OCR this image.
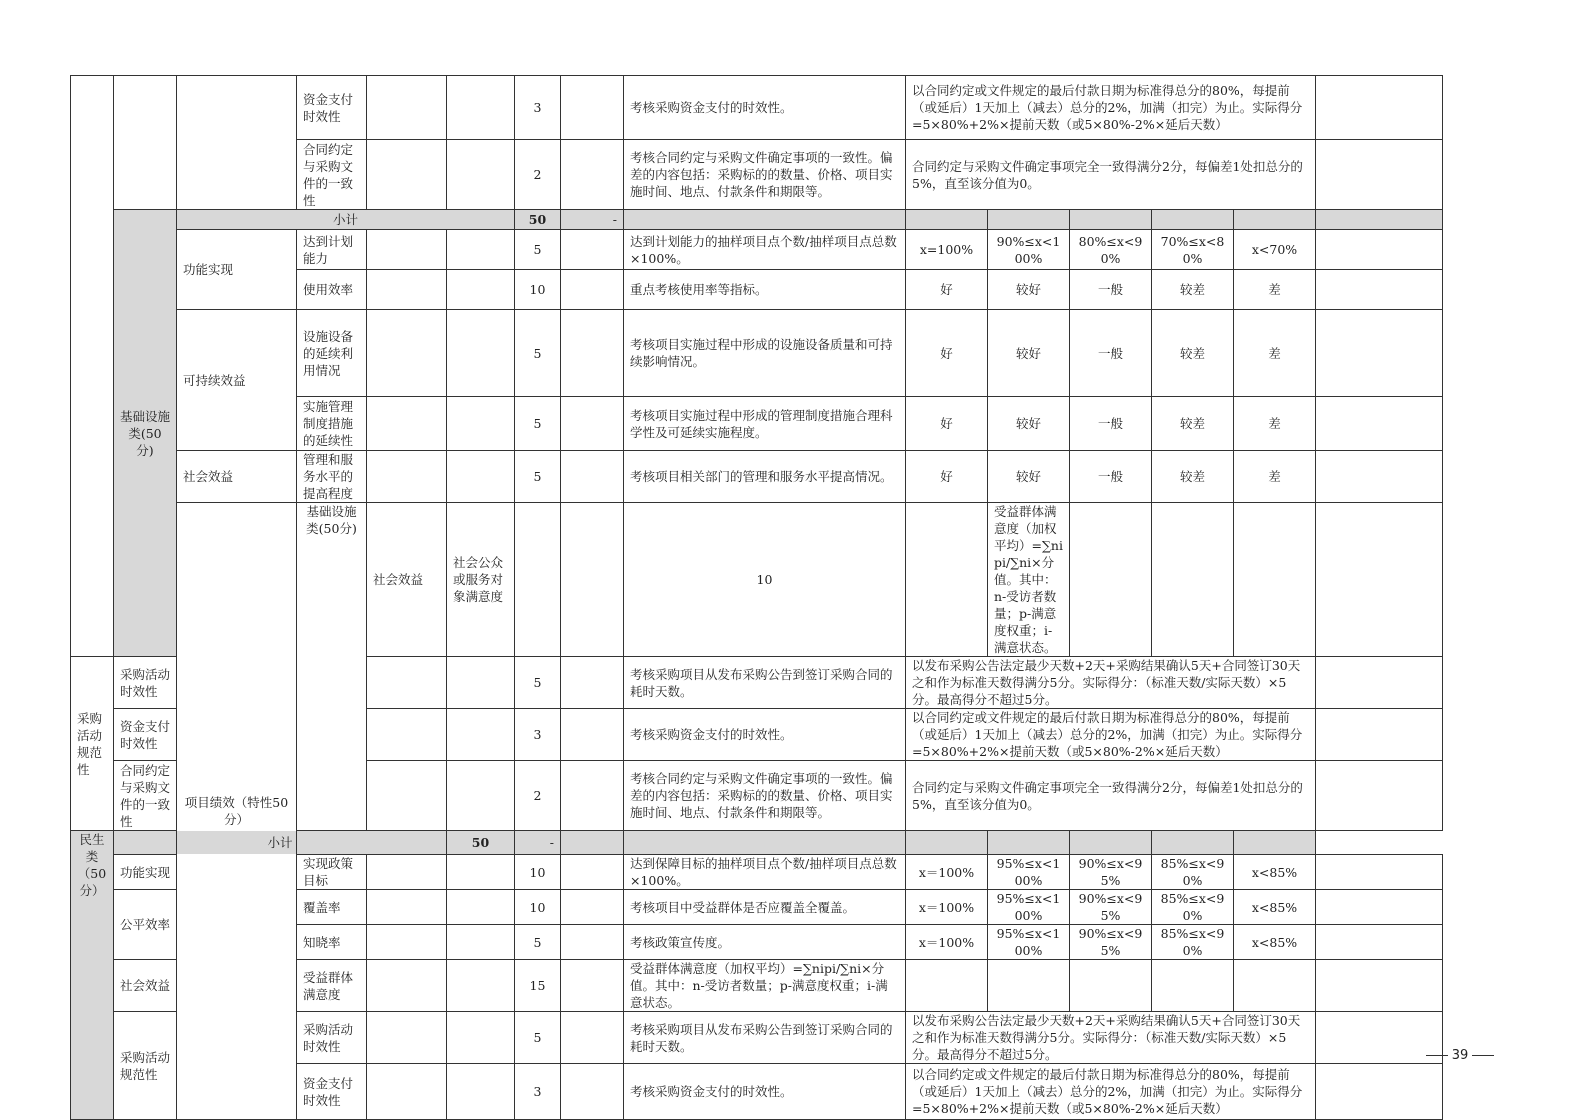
			资金支付时效性			3		考核采购资金支付的时效性。	以合同约定或文件规定的最后付款日期为标准得总分的80%，每提前（或延后）1天加上（减去）总分的2%，加满（扣完）为止。实际得分=5×80%+2%×提前天数（或5×80%-2%×延后天数）						
			合同约定与采购文件的一致性			2		考核合同约定与采购文件确定事项的一致性。偏差的内容包括：采购标的的数量、价格、项目实施时间、地点、付款条件和期限等。	合同约定与采购文件确定事项完全一致得满分2分，每偏差1处扣总分的5%，直至该分值为0。						
	基础设施类(50分)	小计				50	-								
		功能实现	达到计划能力			5		达到计划能力的抽样项目点个数/抽样项目点总数×100%。	x=100%	90%≤x<100%	80%≤x<90%	70%≤x<80%	x<70%		
			使用效率			10		重点考核使用率等指标。	好	较好	一般	较差	差		
		可持续效益	设施设备的延续利用情况			5		考核项目实施过程中形成的设施设备质量和可持续影响情况。	好	较好	一般	较差	差		
			实施管理制度措施的延续性			5		考核项目实施过程中形成的管理制度措施合理科学性及可延续实施程度。	好	较好	一般	较差	差		
		社会效益	管理和服务水平的提高程度			5		考核项目相关部门的管理和服务水平提高情况。	好	较好	一般	较差	差		
		项目绩效（特性50分）	基础设施类(50分)	社会效益	社会公众或服务对象满意度			10		受益群体满意度（加权平均）=∑nipi/∑ni×分值。其中：n-受访者数量；p-满意度权重；i-满意状态。						
采购活动规范性	采购活动时效性					5		考核采购项目从发布采购公告到签订采购合同的耗时天数。	以发布采购公告法定最少天数+2天+采购结果确认5天+合同签订30天之和作为标准天数得满分5分。实际得分：（标准天数/实际天数）×5分。最高得分不超过5分。						
	资金支付时效性					3		考核采购资金支付的时效性。	以合同约定或文件规定的最后付款日期为标准得总分的80%，每提前（或延后）1天加上（减去）总分的2%，加满（扣完）为止。实际得分=5×80%+2%×提前天数（或5×80%-2%×延后天数）						
	合同约定与采购文件的一致性					2		考核合同约定与采购文件确定事项的一致性。偏差的内容包括：采购标的的数量、价格、项目实施时间、地点、付款条件和期限等。	合同约定与采购文件确定事项完全一致得满分2分，每偏差1处扣总分的5%，直至该分值为0。						
民生类（50分）	小计				50	-									
	功能实现		实现政策目标			10		达到保障目标的抽样项目点个数/抽样项目点总数×100%。	x＝100%	95%≤x<100%	90%≤x<95%	85%≤x<90%	x<85%		
	公平效率		覆盖率			10		考核项目中受益群体是否应覆盖全覆盖。	x＝100%	95%≤x<100%	90%≤x<95%	85%≤x<90%	x<85%		
			知晓率			5		考核政策宣传度。	x＝100%	95%≤x<100%	90%≤x<95%	85%≤x<90%	x<85%		
	社会效益		受益群体满意度			15		受益群体满意度（加权平均）=∑nipi/∑ni×分值。其中：n-受访者数量；p-满意度权重；i-满意状态。							
	采购活动规范性		采购活动时效性			5		考核采购项目从发布采购公告到签订采购合同的耗时天数。	以发布采购公告法定最少天数+2天+采购结果确认5天+合同签订30天之和作为标准天数得满分5分。实际得分：（标准天数/实际天数）×5分。最高得分不超过5分。						
			资金支付时效性			3		考核采购资金支付的时效性。	以合同约定或文件规定的最后付款日期为标准得总分的80%，每提前（或延后）1天加上（减去）总分的2%，加满（扣完）为止。实际得分=5×80%+2%×提前天数（或5×80%-2%×延后天数）						
39
